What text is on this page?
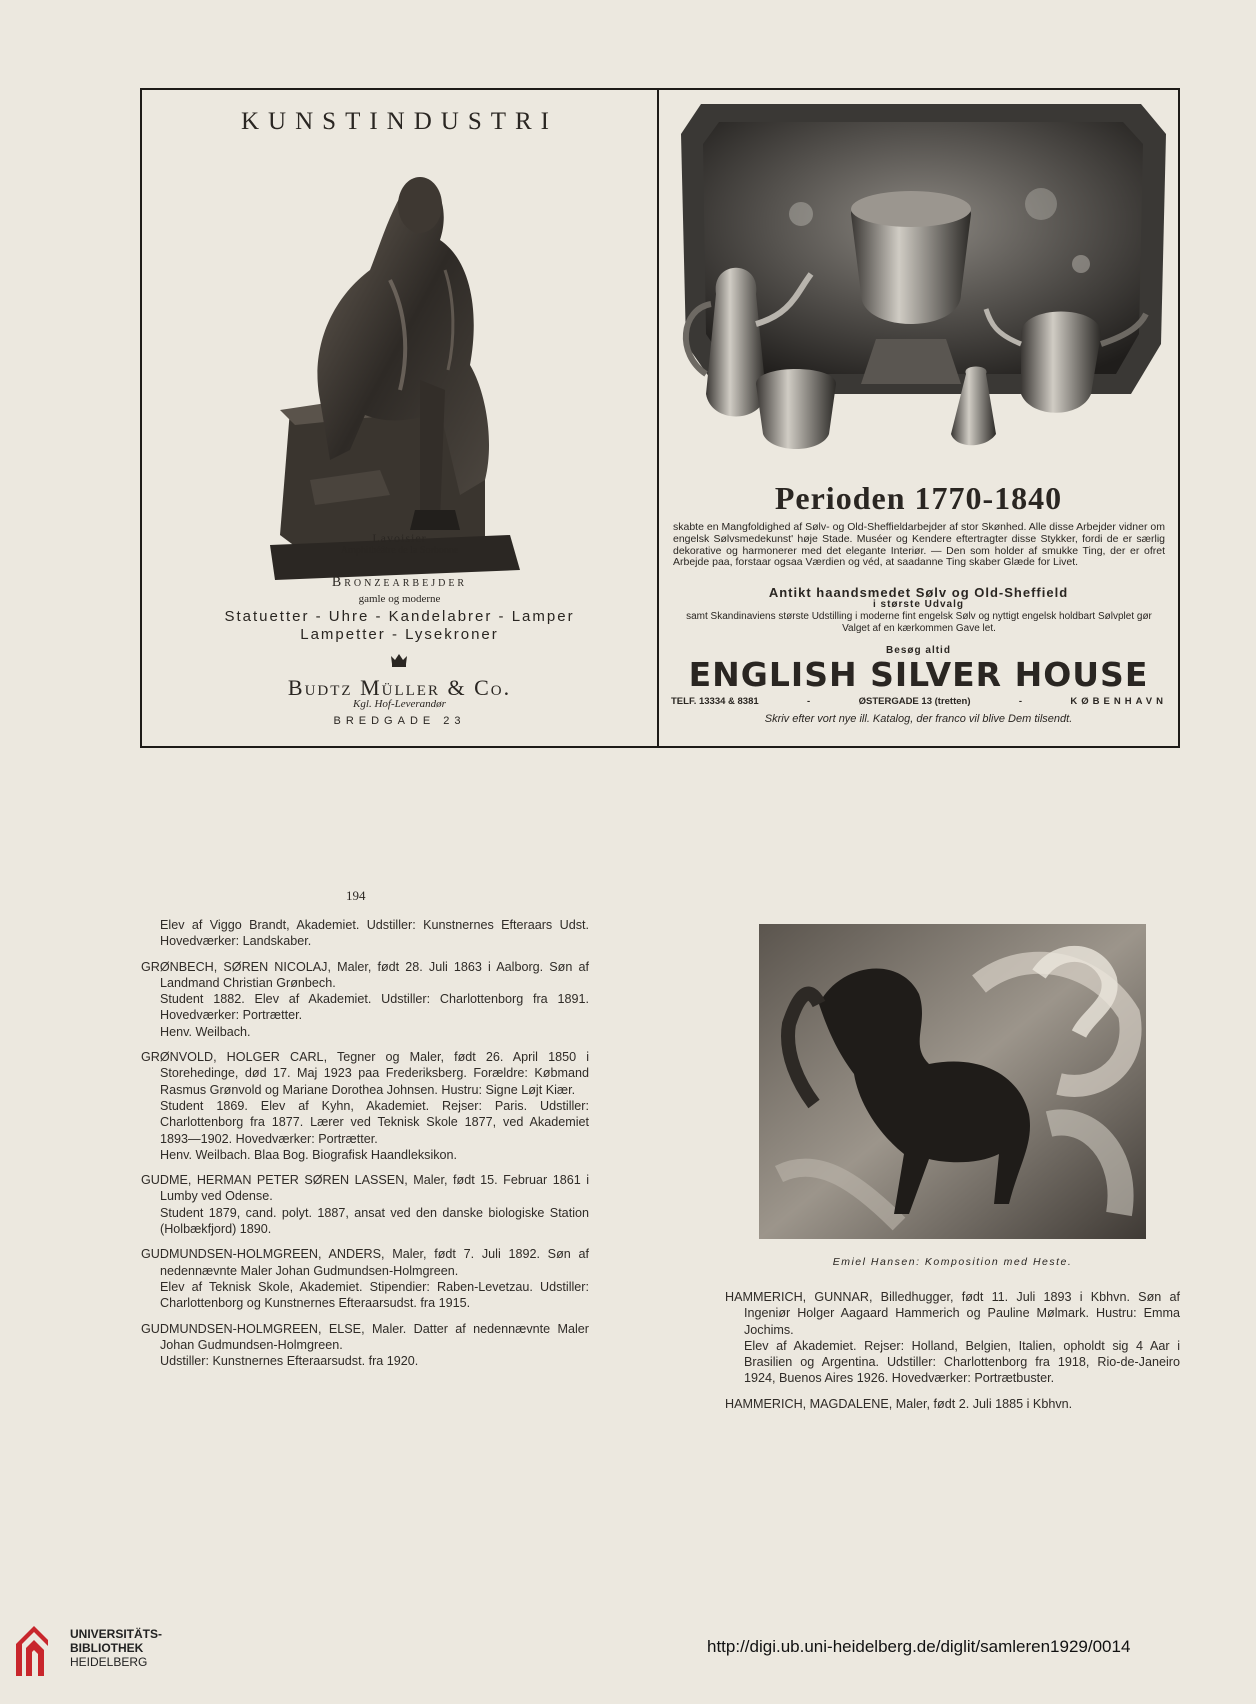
KUNSTINDUSTRI
Lavoisier
Amphithéâtre de la Sorbonne
Bronzearbejder
gamle og moderne
Statuetter - Uhre - Kandelabrer - Lamper
Lampetter - Lysekroner
Budtz Müller & Co.
Kgl. Hof-Leverandør
BREDGADE 23
Perioden 1770-1840
skabte en Mangfoldighed af Sølv- og Old-Sheffieldarbejder af stor Skønhed. Alle disse Arbejder vidner om engelsk Sølvsmedekunst' høje Stade. Muséer og Kendere eftertragter disse Stykker, fordi de er særlig dekorative og harmonerer med det elegante Interiør. — Den som holder af smukke Ting, der er ofret Arbejde paa, forstaar ogsaa Værdien og véd, at saadanne Ting skaber Glæde for Livet.
Antikt haandsmedet Sølv og Old-Sheffield
i største Udvalg
samt Skandinaviens største Udstilling i moderne fint engelsk Sølv og nyttigt engelsk holdbart Sølvplet gør Valget af en kærkommen Gave let.
Besøg altid
ENGLISH SILVER HOUSE
TELF. 13334 & 8381	-	ØSTERGADE 13 (tretten)	-	KØBENHAVN
Skriv efter vort nye ill. Katalog, der franco vil blive Dem tilsendt.
194

Elev af Viggo Brandt, Akademiet. Udstiller: Kunstnernes Efteraars Udst. Hovedværker: Landskaber.

GRØNBECH, SØREN NICOLAJ, Maler, født 28. Juli 1863 i Aalborg. Søn af Landmand Christian Grønbech.

Student 1882. Elev af Akademiet. Udstiller: Charlottenborg fra 1891. Hovedværker: Portrætter.

Henv. Weilbach.

GRØNVOLD, HOLGER CARL, Tegner og Maler, født 26. April 1850 i Storehedinge, død 17. Maj 1923 paa Frederiksberg. Forældre: Købmand Rasmus Grønvold og Mariane Dorothea Johnsen. Hustru: Signe Løjt Kiær.

Student 1869. Elev af Kyhn, Akademiet. Rejser: Paris. Udstiller: Charlottenborg fra 1877. Lærer ved Teknisk Skole 1877, ved Akademiet 1893—1902. Hovedværker: Portrætter.

Henv. Weilbach. Blaa Bog. Biografisk Haandleksikon.

GUDME, HERMAN PETER SØREN LASSEN, Maler, født 15. Februar 1861 i Lumby ved Odense.

Student 1879, cand. polyt. 1887, ansat ved den danske biologiske Station (Holbækfjord) 1890.

GUDMUNDSEN-HOLMGREEN, ANDERS, Maler, født 7. Juli 1892. Søn af nedennævnte Maler Johan Gudmundsen-Holmgreen.

Elev af Teknisk Skole, Akademiet. Stipendier: Raben-Levetzau. Udstiller: Charlottenborg og Kunstnernes Efteraarsudst. fra 1915.

GUDMUNDSEN-HOLMGREEN, ELSE, Maler. Datter af nedennævnte Maler Johan Gudmundsen-Holmgreen.

Udstiller: Kunstnernes Efteraarsudst. fra 1920.

Emiel Hansen: Komposition med Heste.

HAMMERICH, GUNNAR, Billedhugger, født 11. Juli 1893 i Kbhvn. Søn af Ingeniør Holger Aagaard Hammerich og Pauline Mølmark. Hustru: Emma Jochims.

Elev af Akademiet. Rejser: Holland, Belgien, Italien, opholdt sig 4 Aar i Brasilien og Argentina. Udstiller: Charlottenborg fra 1918, Rio-de-Janeiro 1924, Buenos Aires 1926. Hovedværker: Portrætbuster.

HAMMERICH, MAGDALENE, Maler, født 2. Juli 1885 i Kbhvn.

UNIVERSITÄTS-
BIBLIOTHEK
HEIDELBERG
http://digi.ub.uni-heidelberg.de/diglit/samleren1929/0014
